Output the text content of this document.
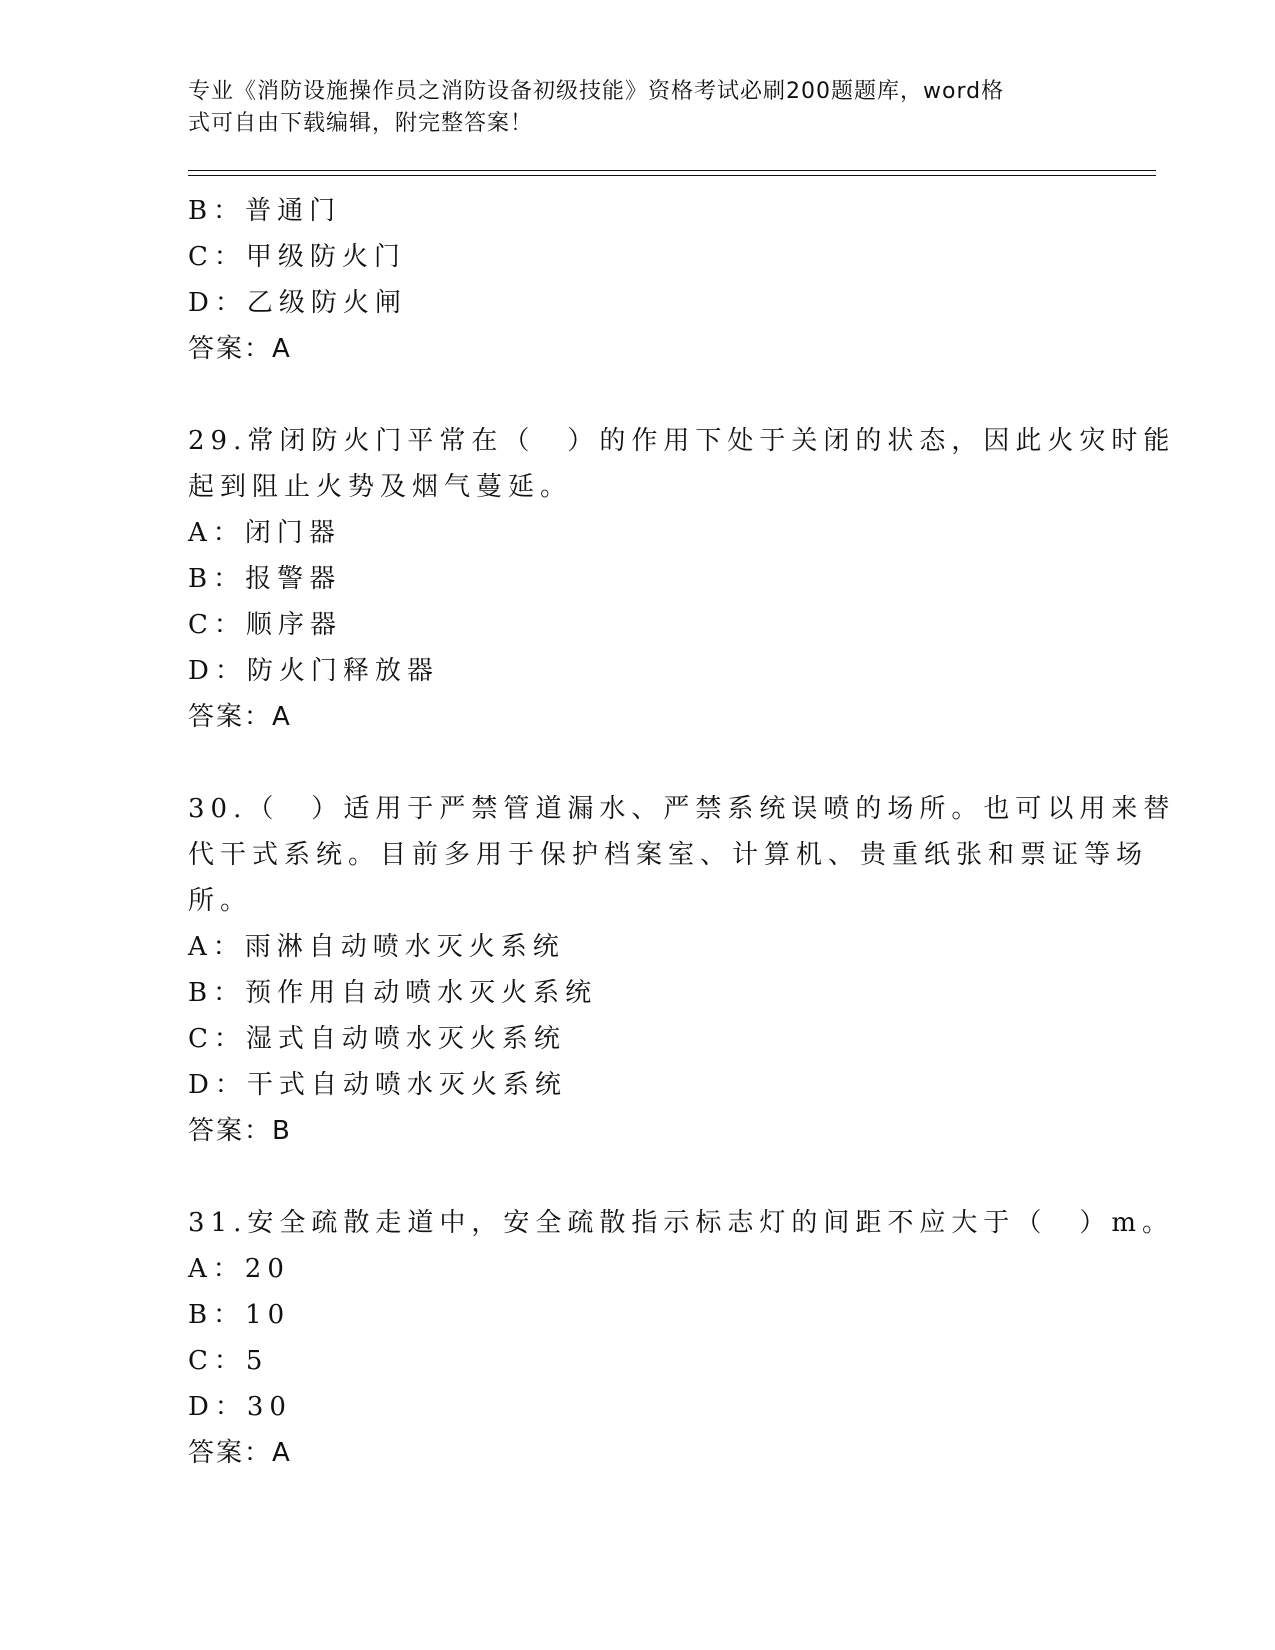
专业《消防设施操作员之消防设备初级技能》资格考试必刷200题题库，word格
式可自由下载编辑，附完整答案！
B：普通门
C：甲级防火门
D：乙级防火闸
答案：A
29.常闭防火门平常在（　）的作用下处于关闭的状态，因此火灾时能
起到阻止火势及烟气蔓延。
A：闭门器
B：报警器
C：顺序器
D：防火门释放器
答案：A
30.（　）适用于严禁管道漏水、严禁系统误喷的场所。也可以用来替
代干式系统。目前多用于保护档案室、计算机、贵重纸张和票证等场
所。
A：雨淋自动喷水灭火系统
B：预作用自动喷水灭火系统
C：湿式自动喷水灭火系统
D：干式自动喷水灭火系统
答案：B
31.安全疏散走道中，安全疏散指示标志灯的间距不应大于（　）m。
A：20
B：10
C：5
D：30
答案：A
